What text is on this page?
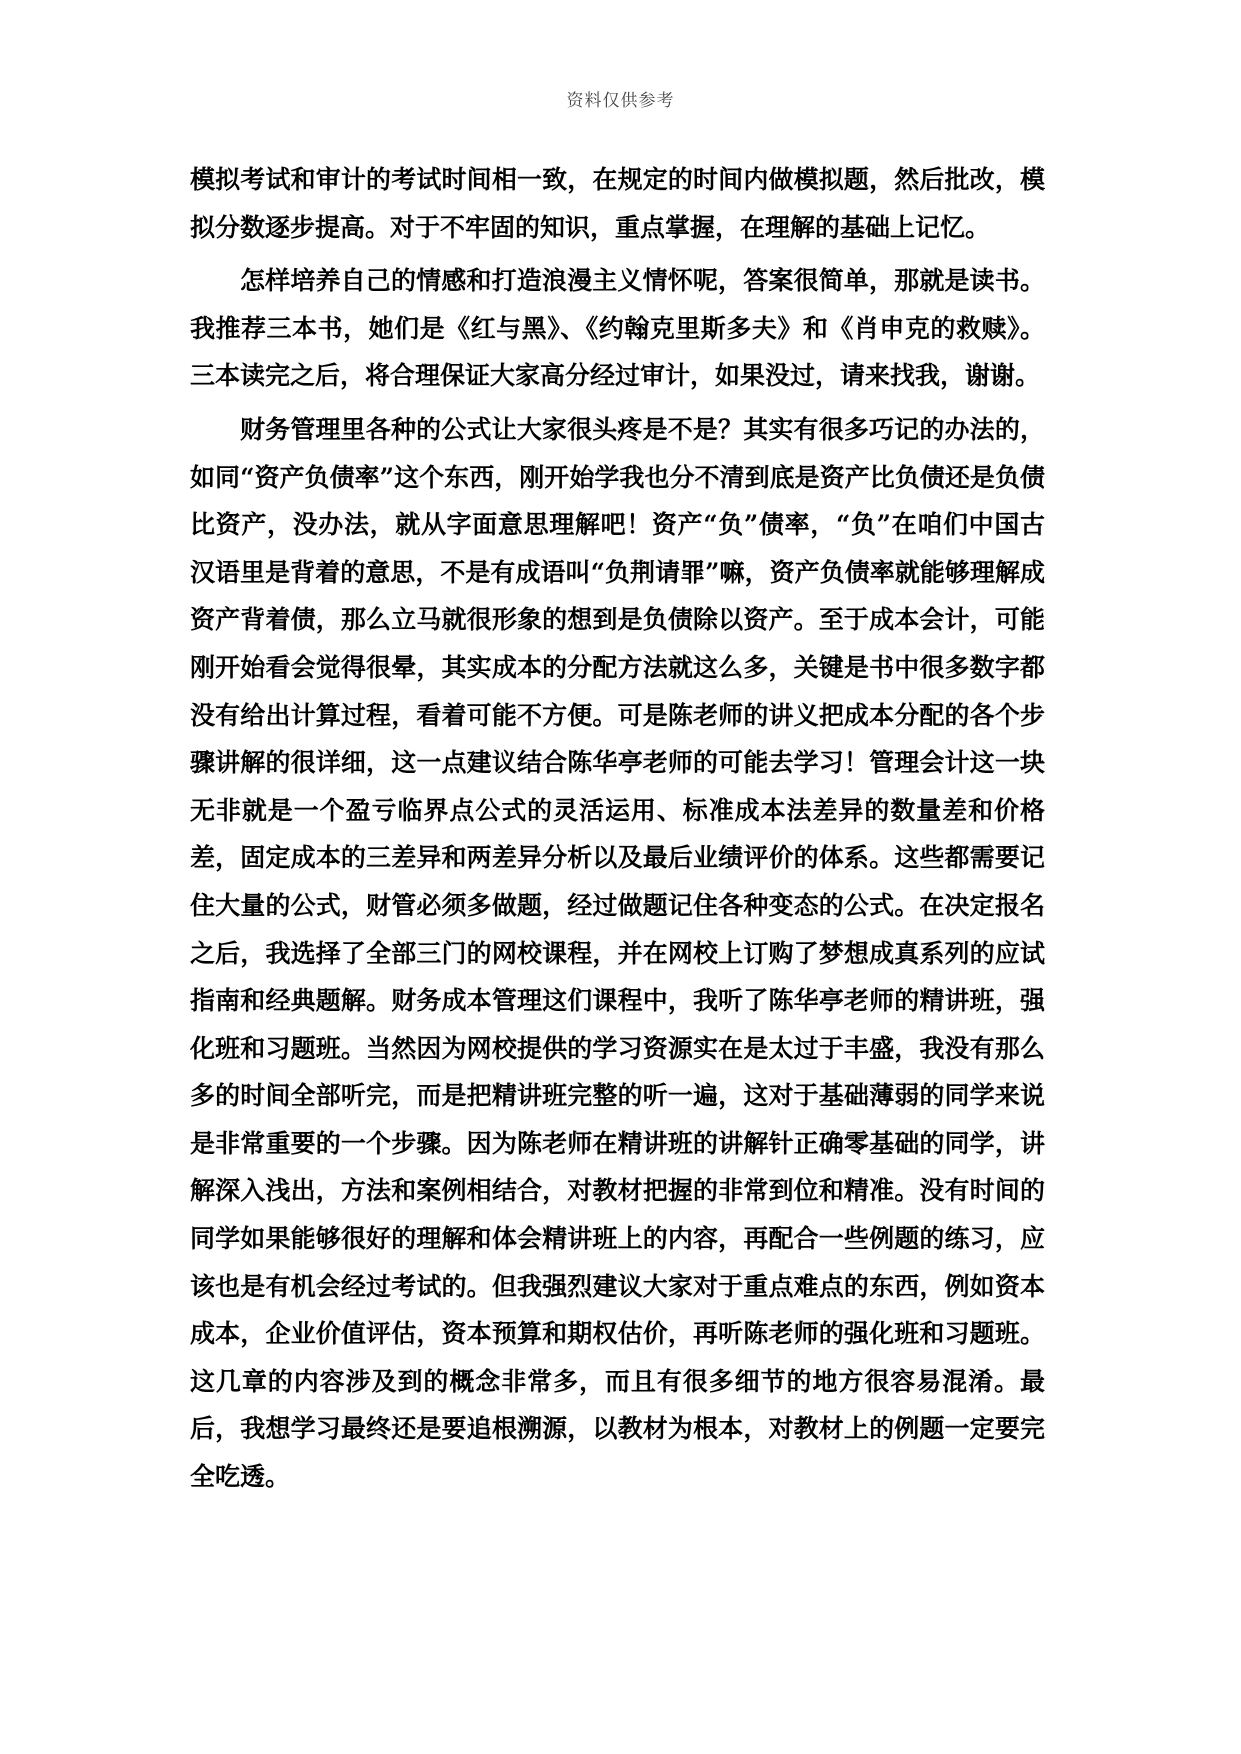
资料仅供参考

模拟考试和审计的考试时间相一致，在规定的时间内做模拟题，然后批改，模拟分数逐步提高。对于不牢固的知识，重点掌握，在理解的基础上记忆。

怎样培养自己的情感和打造浪漫主义情怀呢，答案很简单，那就是读书。我推荐三本书，她们是《红与黑》、《约翰克里斯多夫》和《肖申克的救赎》。三本读完之后，将合理保证大家高分经过审计，如果没过，请来找我，谢谢。

财务管理里各种的公式让大家很头疼是不是？其实有很多巧记的办法的，如同“资产负债率”这个东西，刚开始学我也分不清到底是资产比负债还是负债比资产，没办法，就从字面意思理解吧！资产“负”债率，“负”在咱们中国古汉语里是背着的意思，不是有成语叫“负荆请罪”嘛，资产负债率就能够理解成资产背着债，那么立马就很形象的想到是负债除以资产。至于成本会计，可能刚开始看会觉得很晕，其实成本的分配方法就这么多，关键是书中很多数字都没有给出计算过程，看着可能不方便。可是陈老师的讲义把成本分配的各个步骤讲解的很详细，这一点建议结合陈华亭老师的可能去学习！管理会计这一块无非就是一个盈亏临界点公式的灵活运用、标准成本法差异的数量差和价格差，固定成本的三差异和两差异分析以及最后业绩评价的体系。这些都需要记住大量的公式，财管必须多做题，经过做题记住各种变态的公式。在决定报名之后，我选择了全部三门的网校课程，并在网校上订购了梦想成真系列的应试指南和经典题解。财务成本管理这们课程中，我听了陈华亭老师的精讲班，强化班和习题班。当然因为网校提供的学习资源实在是太过于丰盛，我没有那么多的时间全部听完，而是把精讲班完整的听一遍，这对于基础薄弱的同学来说是非常重要的一个步骤。因为陈老师在精讲班的讲解针正确零基础的同学，讲解深入浅出，方法和案例相结合，对教材把握的非常到位和精准。没有时间的同学如果能够很好的理解和体会精讲班上的内容，再配合一些例题的练习，应该也是有机会经过考试的。但我强烈建议大家对于重点难点的东西，例如资本成本，企业价值评估，资本预算和期权估价，再听陈老师的强化班和习题班。这几章的内容涉及到的概念非常多，而且有很多细节的地方很容易混淆。最后，我想学习最终还是要追根溯源，以教材为根本，对教材上的例题一定要完全吃透。
